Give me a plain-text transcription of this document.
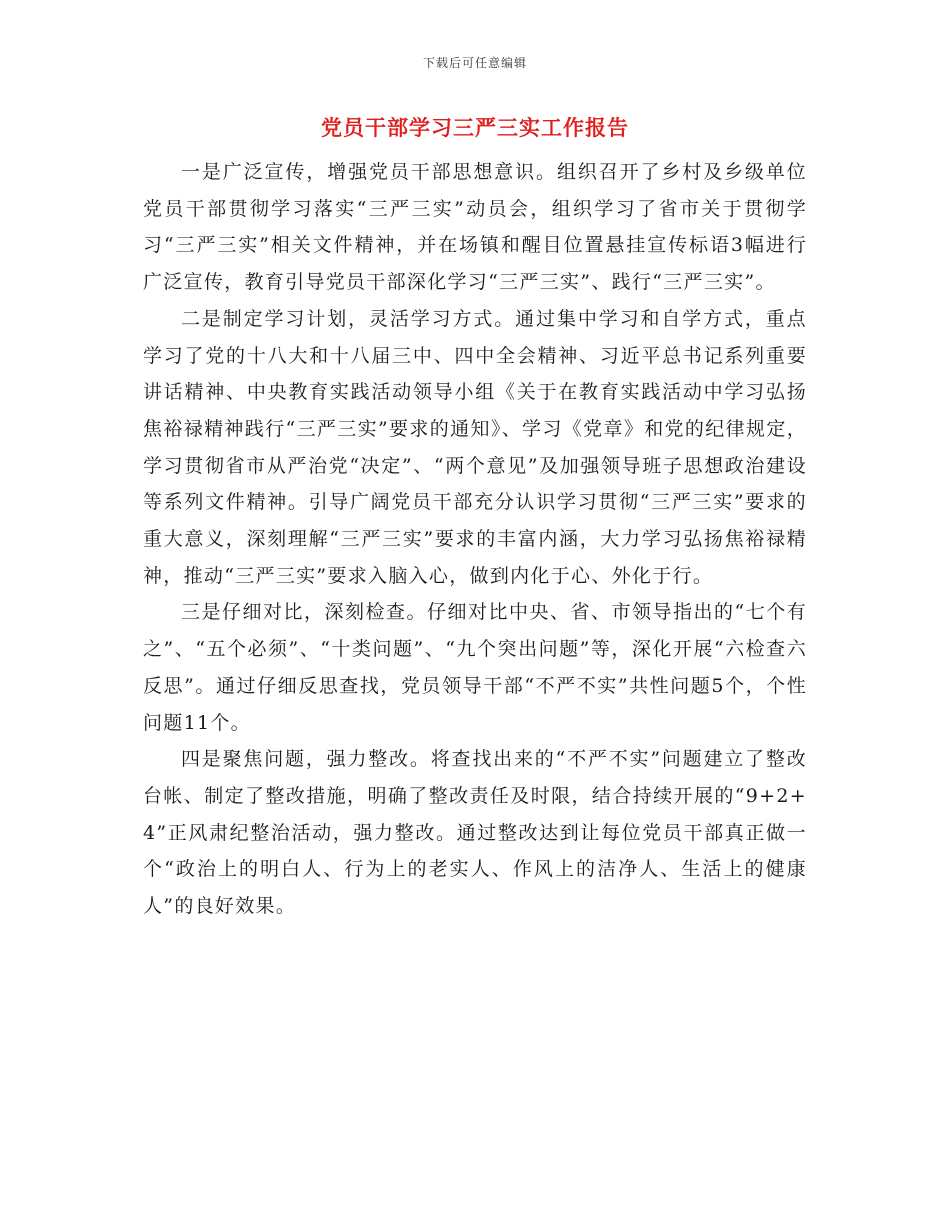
下载后可任意编辑
党员干部学习三严三实工作报告

一是广泛宣传，增强党员干部思想意识。组织召开了乡村及乡级单位党员干部贯彻学习落实“三严三实”动员会，组织学习了省市关于贯彻学习“三严三实”相关文件精神，并在场镇和醒目位置悬挂宣传标语3幅进行广泛宣传，教育引导党员干部深化学习“三严三实”、践行“三严三实”。

二是制定学习计划，灵活学习方式。通过集中学习和自学方式，重点学习了党的十八大和十八届三中、四中全会精神、习近平总书记系列重要讲话精神、中央教育实践活动领导小组《关于在教育实践活动中学习弘扬焦裕禄精神践行“三严三实”要求的通知》、学习《党章》和党的纪律规定，学习贯彻省市从严治党“决定”、“两个意见”及加强领导班子思想政治建设等系列文件精神。引导广阔党员干部充分认识学习贯彻“三严三实”要求的重大意义，深刻理解“三严三实”要求的丰富内涵，大力学习弘扬焦裕禄精神，推动“三严三实”要求入脑入心，做到内化于心、外化于行。

三是仔细对比，深刻检查。仔细对比中央、省、市领导指出的“七个有之”、“五个必须”、“十类问题”、“九个突出问题”等，深化开展“六检查六反思”。通过仔细反思查找，党员领导干部“不严不实”共性问题5个，个性问题11个。

四是聚焦问题，强力整改。将查找出来的“不严不实”问题建立了整改台帐、制定了整改措施，明确了整改责任及时限，结合持续开展的“9+2+4”正风肃纪整治活动，强力整改。通过整改达到让每位党员干部真正做一个“政治上的明白人、行为上的老实人、作风上的洁净人、生活上的健康人”的良好效果。
